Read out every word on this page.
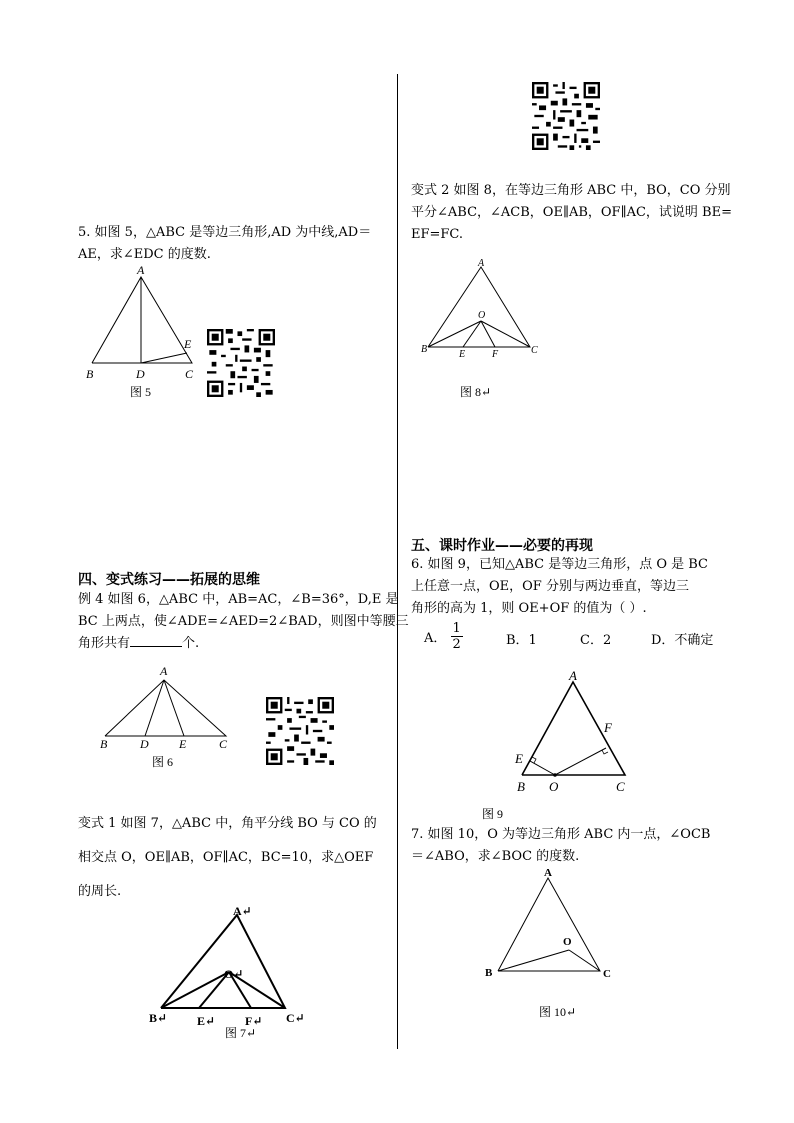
变式 2 如图 8，在等边三角形 ABC 中，BO，CO 分别
平分∠ABC，∠ACB，OE∥AB，OF∥AC，试说明 BE=
EF=FC.
A
O
B	E	F	C
图 8↵
五、课时作业——必要的再现
6. 如图 9，已知△ABC 是等边三角形，点 O 是 BC
上任意一点，OE，OF 分别与两边垂直，等边三
角形的高为 1，则 OE+OF 的值为（ ）.
A． $\frac{1}{2}$	B．1	C．2	D．不确定
A
F
E
B O	C
图 9
7. 如图 10，O 为等边三角形 ABC 内一点，∠OCB
＝∠ABO，求∠BOC 的度数.
A
O
B	C
图 10↵
5. 如图 5，△ABC 是等边三角形,AD 为中线,AD＝
AE，求∠EDC 的度数.
A
B	D	C
E
图 5
四、变式练习——拓展的思维
例 4 如图 6，△ABC 中，AB=AC，∠B=36°，D,E 是
BC 上两点，使∠ADE=∠AED=2∠BAD，则图中等腰三
角形共有	个.
A
B	D	E	C
图 6
变式 1 如图 7，△ABC 中，角平分线 BO 与 CO 的
相交点 O，OE∥AB，OF∥AC，BC=10，求△OEF
的周长.
A↵
O↵
B↵ E↵ F↵ C↵
图 7↵
